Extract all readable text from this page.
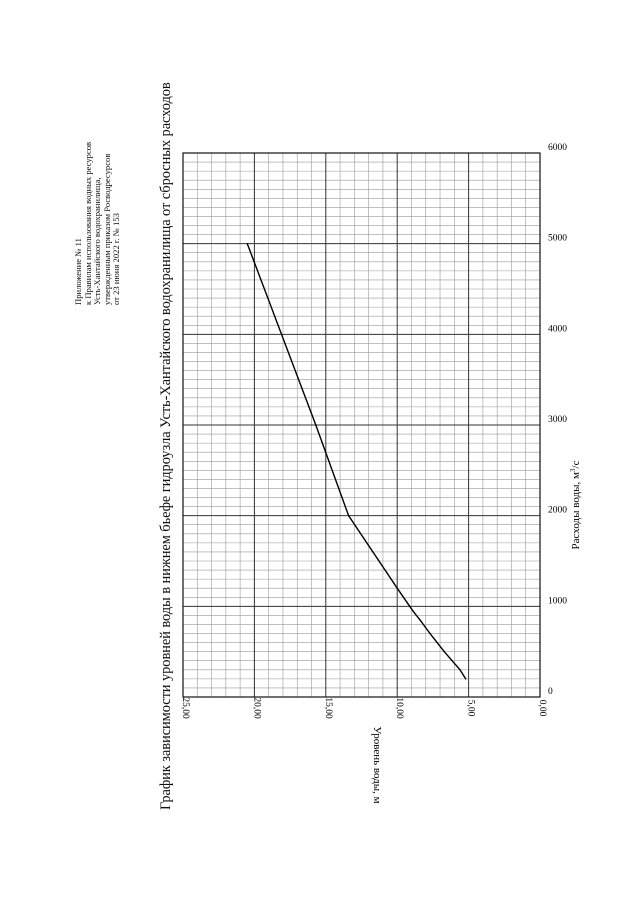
Приложение № 11 к Правилам использования водных ресурсов Усть-Хантайского водохранилища, утвержденным приказом Росводресурсов от 23 июня 2022 г. № 153	График зависимости уровней воды в нижнем бьефе гидроузла Усть-Хантайского водохранилища от сбросных расходов	0
1000
2000
3000
4000
5000
6000
0,00
5,00
10,00
15,00
20,00
25,00
Уровень воды, м
Расходы воды, $м^3/с$
